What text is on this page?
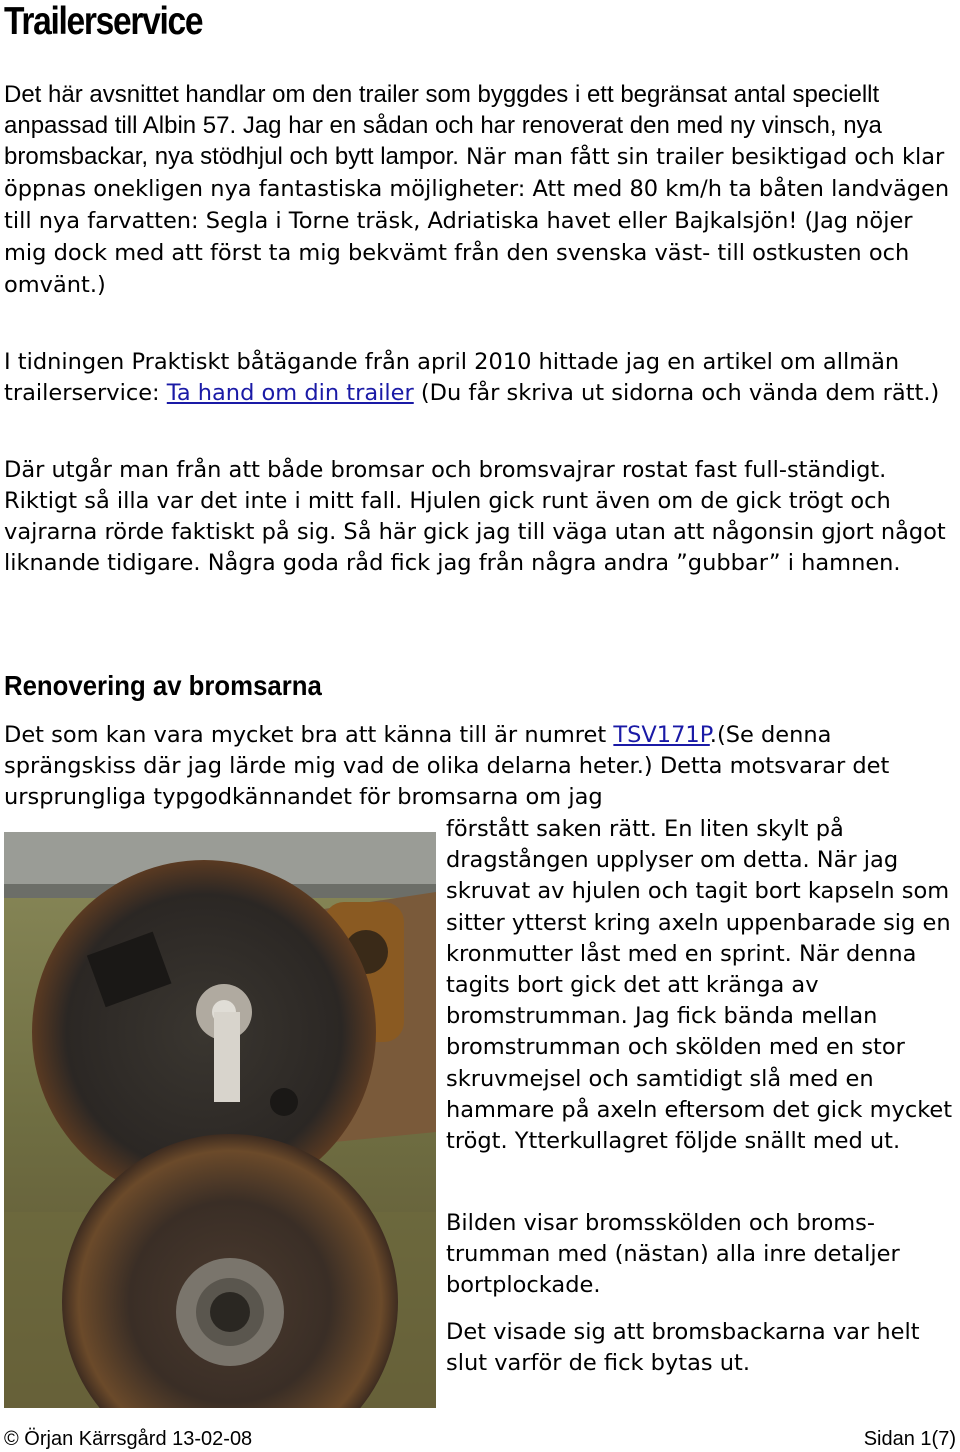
Trailerservice

Det här avsnittet handlar om den trailer som byggdes i ett begränsat antal speciellt anpassad till Albin 57. Jag har en sådan och har renoverat den med ny vinsch, nya bromsbackar, nya stödhjul och bytt lampor. När man fått sin trailer besiktigad och klar öppnas onekligen nya fantastiska möjligheter: Att med 80 km/h ta båten landvägen till nya farvatten: Segla i Torne träsk, Adriatiska havet eller Bajkalsjön! (Jag nöjer mig dock med att först ta mig bekvämt från den svenska väst- till ostkusten och omvänt.)

I tidningen Praktiskt båtägande från april 2010 hittade jag en artikel om allmän trailerservice: Ta hand om din trailer (Du får skriva ut sidorna och vända dem rätt.)

Där utgår man från att både bromsar och bromsvajrar rostat fast full-ständigt. Riktigt så illa var det inte i mitt fall. Hjulen gick runt även om de gick trögt och vajrarna rörde faktiskt på sig. Så här gick jag till väga utan att någonsin gjort något liknande tidigare. Några goda råd fick jag från några andra ”gubbar” i hamnen.

Renovering av bromsarna

Det som kan vara mycket bra att känna till är numret TSV171P.(Se denna sprängskiss där jag lärde mig vad de olika delarna heter.) Detta motsvarar det ursprungliga typgodkännandet för bromsarna om jag

förstått saken rätt. En liten skylt på dragstången upplyser om detta. När jag skruvat av hjulen och tagit bort kapseln som sitter ytterst kring axeln uppenbarade sig en kronmutter låst med en sprint. När denna tagits bort gick det att kränga av bromstrumman. Jag fick bända mellan bromstrumman och skölden med en stor skruvmejsel och samtidigt slå med en hammare på axeln eftersom det gick mycket trögt. Ytterkullagret följde snällt med ut.

Bilden visar bromsskölden och broms-trumman med (nästan) alla inre detaljer bortplockade.

Det visade sig att bromsbackarna var helt slut varför de fick bytas ut.

© Örjan Kärrsgård 13-02-08	Sidan 1(7)
